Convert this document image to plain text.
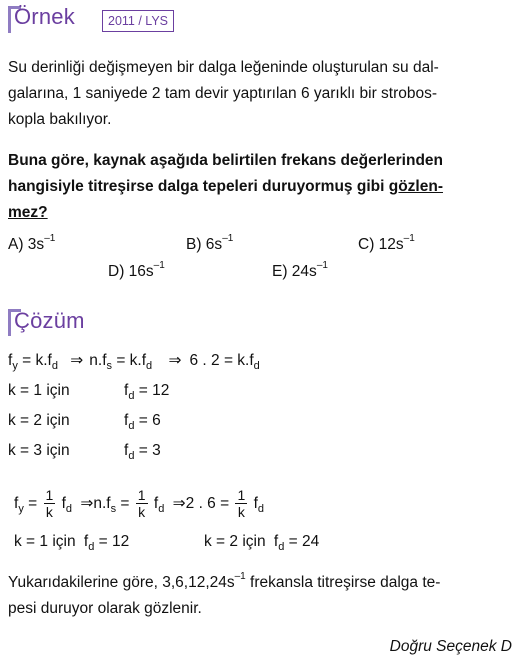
Örnek	2011 / LYS
Su derinliği değişmeyen bir dalga leğeninde oluşturulan su dal-
galarına, 1 saniyede 2 tam devir yaptırılan 6 yarıklı bir strobos-
kopla bakılıyor.
Buna göre, kaynak aşağıda belirtilen frekans değerlerinden
hangisiyle titreşirse dalga tepeleri duruyormuş gibi gözlen-
mez?
A) $3s^{-1}$	B) $6s^{-1}$	C) $12s^{-1}$
D) $16s^{-1}$	E) $24s^{-1}$
Çözüm
$f_y = k.f_d$ ⇒ $n.f_s = k.f_d$ ⇒ 6 . $2 = k.f_d$
k = 1 için	$f_d = 12$
k = 2 için	$f_d = 6$
k = 3 için	$f_d = 3$
$f_y = \frac{1}{k} f_d$ $\Rightarrow n.f_s = \frac{1}{k} f_d$ ⇒2 . $6 = \frac{1}{k} f_d$
k = 1 için $f_d = 12$	k = 2 için $f_d = 24$
Yukarıdakilerine göre, $3,6,12,24s^{-1}$ frekansla titreşirse dalga te-
pesi duruyor olarak gözlenir.
Doğru Seçenek D
